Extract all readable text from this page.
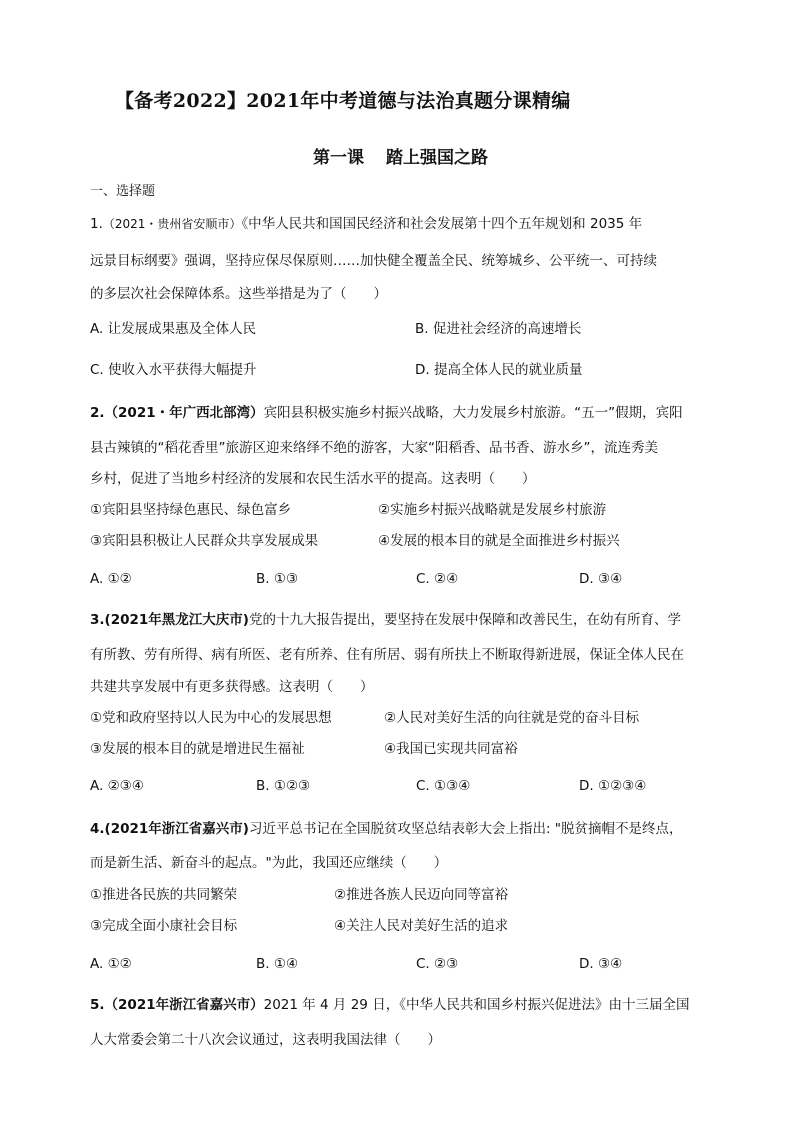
【备考2022】2021年中考道德与法治真题分课精编
第一课 踏上强国之路
一、选择题
1.（2021・贵州省安顺市）《中华人民共和国国民经济和社会发展第十四个五年规划和 2035 年
远景目标纲要》强调，坚持应保尽保原则……加快健全覆盖全民、统筹城乡、公平统一、可持续
的多层次社会保障体系。这些举措是为了（　　）
A. 让发展成果惠及全体人民	B. 促进社会经济的高速增长
C. 使收入水平获得大幅提升	D. 提高全体人民的就业质量
2.（2021・年广西北部湾）宾阳县积极实施乡村振兴战略，大力发展乡村旅游。“五一”假期，宾阳
县古辣镇的“稻花香里”旅游区迎来络绎不绝的游客，大家“阳稻香、品书香、游水乡”，流连秀美
乡村，促进了当地乡村经济的发展和农民生活水平的提高。这表明（　　）
①宾阳县坚持绿色惠民、绿色富乡	②实施乡村振兴战略就是发展乡村旅游
③宾阳县积极让人民群众共享发展成果	④发展的根本目的就是全面推进乡村振兴
A. ①②	B. ①③	C. ②④	D. ③④
3.(2021年黑龙江大庆市)党的十九大报告提出，要坚持在发展中保障和改善民生，在幼有所育、学
有所教、劳有所得、病有所医、老有所养、住有所居、弱有所扶上不断取得新进展，保证全体人民在
共建共享发展中有更多获得感。这表明（　　）
①党和政府坚持以人民为中心的发展思想	②人民对美好生活的向往就是党的奋斗目标
③发展的根本目的就是增进民生福祉	④我国已实现共同富裕
A. ②③④	B. ①②③	C. ①③④	D. ①②③④
4.(2021年浙江省嘉兴市)习近平总书记在全国脱贫攻坚总结表彰大会上指出: "脱贫摘帽不是终点，
而是新生活、新奋斗的起点。"为此，我国还应继续（　　）
①推进各民族的共同繁荣	②推进各族人民迈向同等富裕
③完成全面小康社会目标	④关注人民对美好生活的追求
A. ①②	B. ①④	C. ②③	D. ③④
5.（2021年浙江省嘉兴市）2021 年 4 月 29 日，《中华人民共和国乡村振兴促进法》由十三届全国
人大常委会第二十八次会议通过，这表明我国法律（　　）
